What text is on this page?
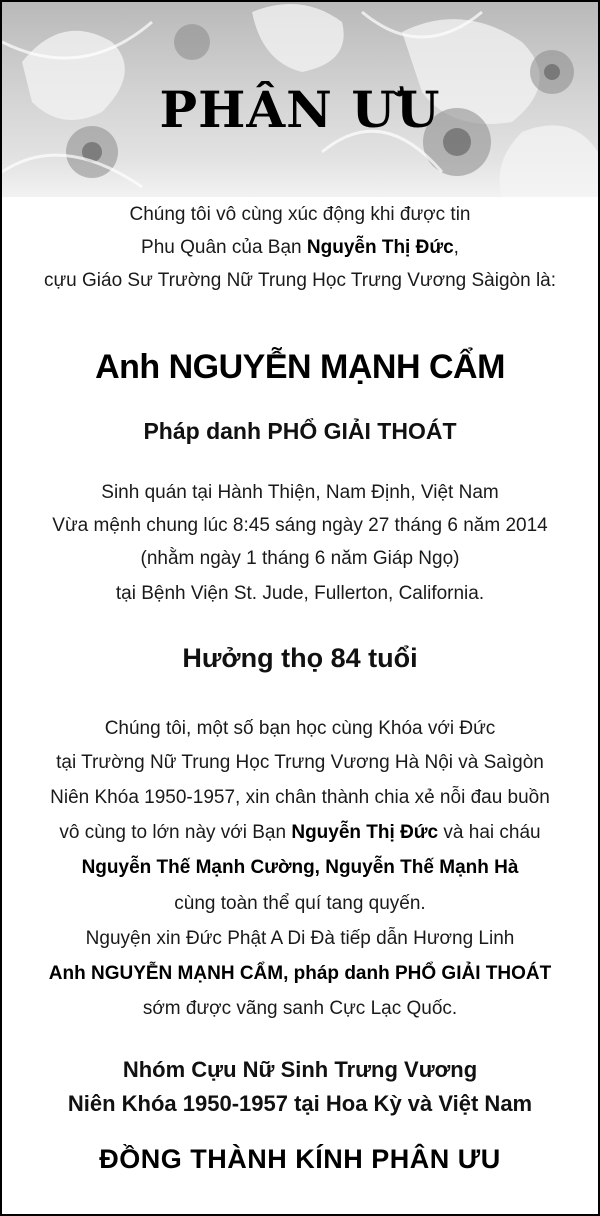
PHÂN ƯU
Chúng tôi vô cùng xúc động khi được tin
Phu Quân của Bạn Nguyễn Thị Đức,
cựu Giáo Sư Trường Nữ Trung Học Trưng Vương Sàigòn là:
Anh NGUYỄN MẠNH CẨM
Pháp danh PHỔ GIẢI THOÁT
Sinh quán tại Hành Thiện, Nam Định, Việt Nam
Vừa mệnh chung lúc 8:45 sáng ngày 27 tháng 6 năm 2014
(nhằm ngày 1 tháng 6 năm Giáp Ngọ)
tại Bệnh Viện St. Jude, Fullerton, California.
Hưởng thọ 84 tuổi
Chúng tôi, một số bạn học cùng Khóa với Đức
tại Trường Nữ Trung Học Trưng Vương Hà Nội và Saìgòn
Niên Khóa 1950-1957, xin chân thành chia xẻ nỗi đau buồn
vô cùng to lớn này với Bạn Nguyễn Thị Đức và hai cháu
Nguyễn Thế Mạnh Cường, Nguyễn Thế Mạnh Hà
cùng toàn thể quí tang quyến.
Nguyện xin Đức Phật A Di Đà tiếp dẫn Hương Linh
Anh NGUYỄN MẠNH CẨM, pháp danh PHỔ GIẢI THOÁT
sớm được vãng sanh Cực Lạc Quốc.
Nhóm Cựu Nữ Sinh Trưng Vương
Niên Khóa 1950-1957 tại Hoa Kỳ và Việt Nam
ĐỒNG THÀNH KÍNH PHÂN ƯU
